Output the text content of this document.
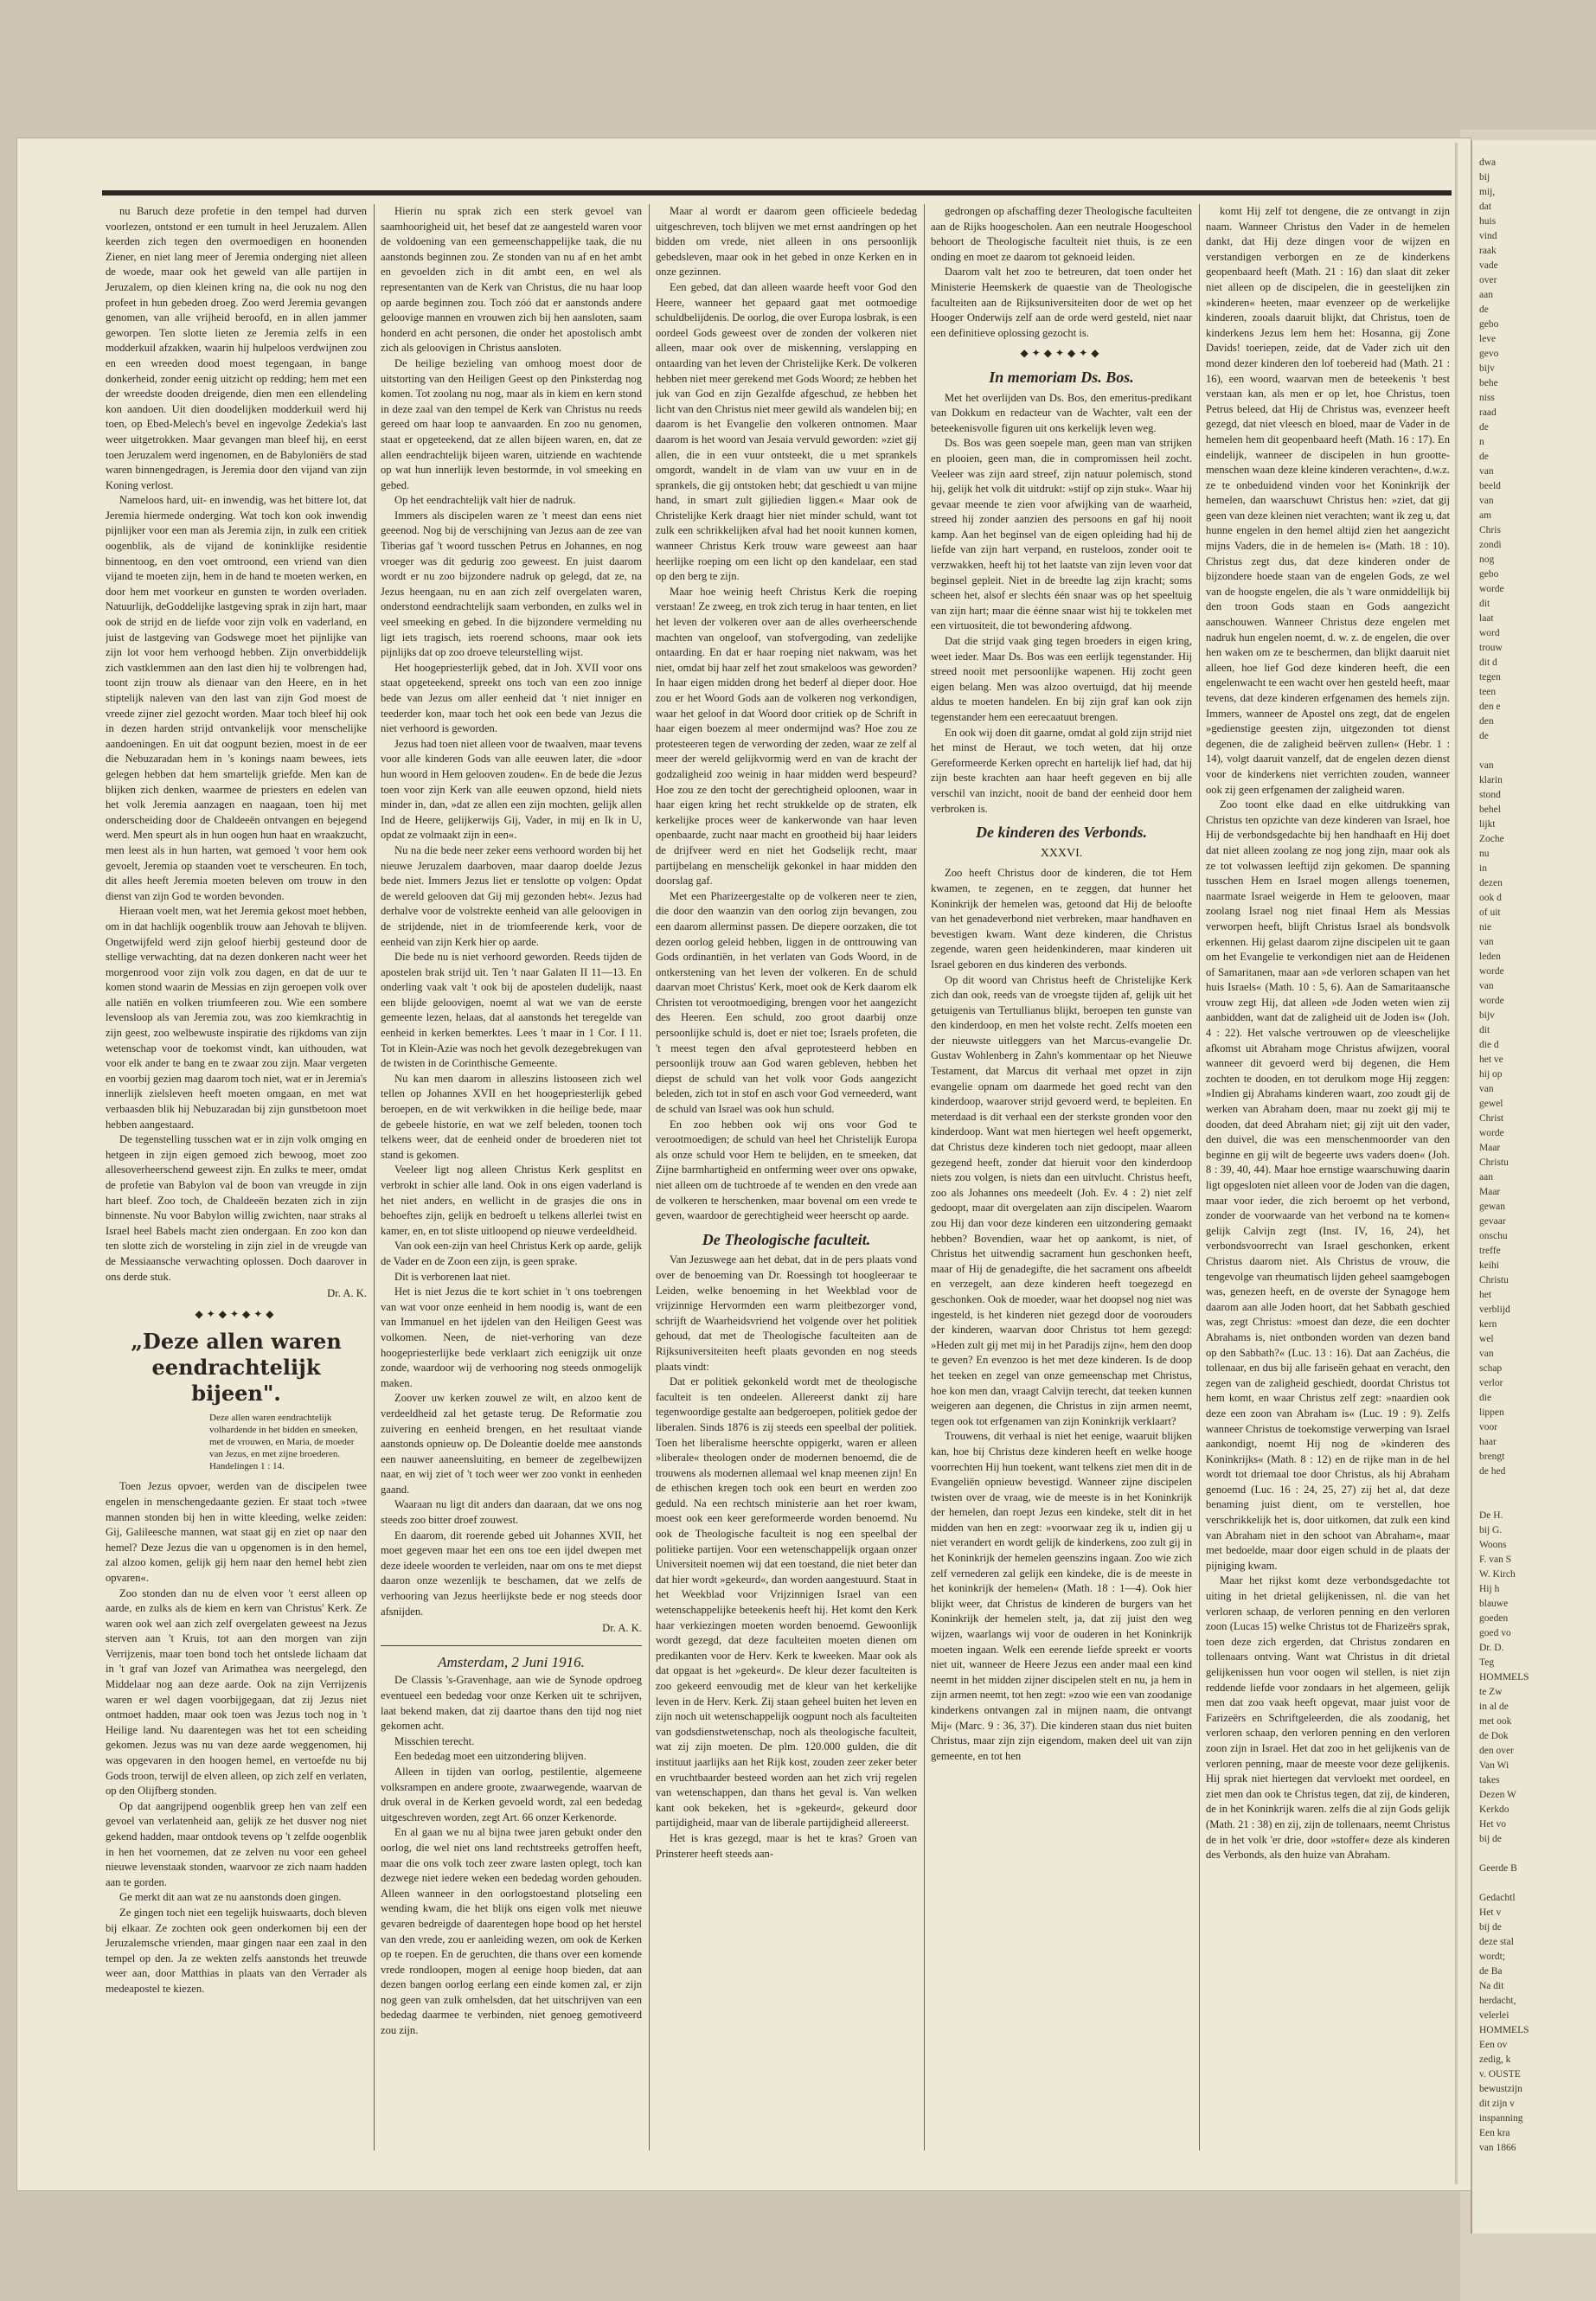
dwa
bij
mij,
dat
huis
vind
raak
vade
over
aan
de
gebo
leve
gevo
bijv
behe
niss
raad
de
n
de
van
beeld
van
am
Chris
zondi
nog
gebo
worde
dit
laat
word
trouw
dit d
tegen
teen
den e
den
de

van
klarin
stond
behel
lijkt
Zoche
nu
in
dezen
ook d
of uit
nie
van
leden
worde
van
worde
bijv
dit
die d
het ve
hij op
van
gewel
Christ
worde
Maar
Christu
aan
Maar
gewan
gevaar
onschu
treffe
keihi
Christu
het
verblijd
kern
wel
van
schap
verlor
die
lippen
voor
haar
brengt
de hed

De H.
bij G.
Woons
F. van S
W. Kirch
Hij h
blauwe
goeden
goed vo
Dr. D.
Teg
HOMMELS
te Zw
in al de
met ook
de Dok
den over
Van Wi
takes
Dezen W
Kerkdo
Het vo
bij de

Geerde B

Gedachtl
Het v
bij de
deze stal
wordt;
de Ba
Na dit
herdacht,
velerlei
HOMMELS
Een ov
zedig, k
v. OUSTE
bewustzijn
dit zijn v
inspanning
Een kra
van 1866

nu Baruch deze profetie in den tempel had durven voorlezen, ontstond er een tumult in heel Jeruzalem. Allen keerden zich tegen den overmoedigen en hoonenden Ziener, en niet lang meer of Jeremia onderging niet alleen de woede, maar ook het geweld van alle partijen in Jeruzalem, op dien kleinen kring na, die ook nu nog den profeet in hun gebeden droeg. Zoo werd Jeremia gevangen genomen, van alle vrijheid beroofd, en in allen jammer geworpen. Ten slotte lieten ze Jeremia zelfs in een modderkuil afzakken, waarin hij hulpeloos verdwijnen zou en een wreeden dood moest tegengaan, in bange donkerheid, zonder eenig uitzicht op redding; hem met een der wreedste dooden dreigende, dien men een ellendeling kon aandoen. Uit dien doodelijken modderkuil werd hij toen, op Ebed-Melech's bevel en ingevolge Zedekia's last weer uitgetrokken. Maar gevangen man bleef hij, en eerst toen Jeruzalem werd ingenomen, en de Babyloniërs de stad waren binnengedragen, is Jeremia door den vijand van zijn Koning verlost.

Nameloos hard, uit- en inwendig, was het bittere lot, dat Jeremia hiermede onderging. Wat toch kon ook inwendig pijnlijker voor een man als Jeremia zijn, in zulk een critiek oogenblik, als de vijand de koninklijke residentie binnentoog, en den voet omtroond, een vriend van dien vijand te moeten zijn, hem in de hand te moeten werken, en door hem met voorkeur en gunsten te worden overladen. Natuurlijk, deGoddelijke lastgeving sprak in zijn hart, maar ook de strijd en de liefde voor zijn volk en vaderland, en juist de lastgeving van Godswege moet het pijnlijke van zijn lot voor hem verhoogd hebben. Zijn onverbiddelijk zich vastklemmen aan den last dien hij te volbrengen had, toont zijn trouw als dienaar van den Heere, en in het stiptelijk naleven van den last van zijn God moest de vreede zijner ziel gezocht worden. Maar toch bleef hij ook in dezen harden strijd ontvankelijk voor menschelijke aandoeningen. En uit dat oogpunt bezien, moest in de eer die Nebuzaradan hem in 's konings naam bewees, iets gelegen hebben dat hem smartelijk griefde. Men kan de blijken zich denken, waarmee de priesters en edelen van het volk Jeremia aanzagen en naagaan, toen hij met onderscheiding door de Chaldeeën ontvangen en bejegend werd. Men speurt als in hun oogen hun haat en wraakzucht, men leest als in hun harten, wat gemoed 't voor hem ook gevoelt, Jeremia op staanden voet te verscheuren. En toch, dit alles heeft Jeremia moeten beleven om trouw in den dienst van zijn God te worden bevonden.

Hieraan voelt men, wat het Jeremia gekost moet hebben, om in dat hachlijk oogenblik trouw aan Jehovah te blijven. Ongetwijfeld werd zijn geloof hierbij gesteund door de stellige verwachting, dat na dezen donkeren nacht weer het morgenrood voor zijn volk zou dagen, en dat de uur te komen stond waarin de Messias en zijn geroepen volk over alle natiën en volken triumfeeren zou. Wie een sombere levensloop als van Jeremia zou, was zoo kiemkrachtig in zijn geest, zoo welbewuste inspiratie des rijkdoms van zijn wetenschap voor de toekomst vindt, kan uithouden, wat voor elk ander te bang en te zwaar zou zijn. Maar vergeten en voorbij gezien mag daarom toch niet, wat er in Jeremia's innerlijk zielsleven heeft moeten omgaan, en met wat verbaasden blik hij Nebuzaradan bij zijn gunstbetoon moet hebben aangestaard.

De tegenstelling tusschen wat er in zijn volk omging en hetgeen in zijn eigen gemoed zich bewoog, moet zoo allesoverheerschend geweest zijn. En zulks te meer, omdat de profetie van Babylon val de boon van vreugde in zijn hart bleef. Zoo toch, de Chaldeeën bezaten zich in zijn binnenste. Nu voor Babylon willig zwichten, naar straks al Israel heel Babels macht zien ondergaan. En zoo kon dan ten slotte zich de worsteling in zijn ziel in de vreugde van de Messiaansche verwachting oplossen. Doch daarover in ons derde stuk.

Dr. A. K.
◆✦◆✦◆✦◆
„Deze allen waren eendrachtelijk bijeen".
Deze allen waren eendrachtelijk volhardende in het bidden en smeeken, met de vrouwen, en Maria, de moeder van Jezus, en met zijne broederen. Handelingen 1 : 14.

Toen Jezus opvoer, werden van de discipelen twee engelen in menschengedaante gezien. Er staat toch »twee mannen stonden bij hen in witte kleeding, welke zeiden: Gij, Galileesche mannen, wat staat gij en ziet op naar den hemel? Deze Jezus die van u opgenomen is in den hemel, zal alzoo komen, gelijk gij hem naar den hemel hebt zien opvaren«.

Zoo stonden dan nu de elven voor 't eerst alleen op aarde, en zulks als de kiem en kern van Christus' Kerk. Ze waren ook wel aan zich zelf overgelaten geweest na Jezus sterven aan 't Kruis, tot aan den morgen van zijn Verrijzenis, maar toen bond toch het ontslede lichaam dat in 't graf van Jozef van Arimathea was neergelegd, den Middelaar nog aan deze aarde. Ook na zijn Verrijzenis waren er wel dagen voorbijgegaan, dat zij Jezus niet ontmoet hadden, maar ook toen was Jezus toch nog in 't Heilige land. Nu daarentegen was het tot een scheiding gekomen. Jezus was nu van deze aarde weggenomen, hij was opgevaren in den hoogen hemel, en vertoefde nu bij Gods troon, terwijl de elven alleen, op zich zelf en verlaten, op den Olijfberg stonden.

Op dat aangrijpend oogenblik greep hen van zelf een gevoel van verlatenheid aan, gelijk ze het dusver nog niet gekend hadden, maar ontdook tevens op 't zelfde oogenblik in hen het voornemen, dat ze zelven nu voor een geheel nieuwe levenstaak stonden, waarvoor ze zich naam hadden aan te gorden.

Ge merkt dit aan wat ze nu aanstonds doen gingen.

Ze gingen toch niet een tegelijk huiswaarts, doch bleven bij elkaar. Ze zochten ook geen onderkomen bij een der Jeruzalemsche vrienden, maar gingen naar een zaal in den tempel op den. Ja ze wekten zelfs aanstonds het treuwde weer aan, door Matthias in plaats van den Verrader als medeapostel te kiezen.

Hierin nu sprak zich een sterk gevoel van saamhoorigheid uit, het besef dat ze aangesteld waren voor de voldoening van een gemeenschappelijke taak, die nu aanstonds beginnen zou. Ze stonden van nu af en het ambt en gevoelden zich in dit ambt een, en wel als representanten van de Kerk van Christus, die nu haar loop op aarde beginnen zou. Toch zóó dat er aanstonds andere geloovige mannen en vrouwen zich bij hen aansloten, saam honderd en acht personen, die onder het apostolisch ambt zich als geloovigen in Christus aansloten.

De heilige bezieling van omhoog moest door de uitstorting van den Heiligen Geest op den Pinksterdag nog komen. Tot zoolang nu nog, maar als in kiem en kern stond in deze zaal van den tempel de Kerk van Christus nu reeds gereed om haar loop te aanvaarden. En zoo nu genomen, staat er opgeteekend, dat ze allen bijeen waren, en, dat ze allen eendrachtelijk bijeen waren, uitziende en wachtende op wat hun innerlijk leven bestormde, in vol smeeking en gebed.

Op het eendrachtelijk valt hier de nadruk.

Immers als discipelen waren ze 't meest dan eens niet geeenod. Nog bij de verschijning van Jezus aan de zee van Tiberias gaf 't woord tusschen Petrus en Johannes, en nog vroeger was dit gedurig zoo geweest. En juist daarom wordt er nu zoo bijzondere nadruk op gelegd, dat ze, na Jezus heengaan, nu en aan zich zelf overgelaten waren, onderstond eendrachtelijk saam verbonden, en zulks wel in veel smeeking en gebed. In die bijzondere vermelding nu ligt iets tragisch, iets roerend schoons, maar ook iets pijnlijks dat op zoo droeve teleurstelling wijst.

Het hoogepriesterlijk gebed, dat in Joh. XVII voor ons staat opgeteekend, spreekt ons toch van een zoo innige bede van Jezus om aller eenheid dat 't niet inniger en teederder kon, maar toch het ook een bede van Jezus die niet verhoord is geworden.

Jezus had toen niet alleen voor de twaalven, maar tevens voor alle kinderen Gods van alle eeuwen later, die »door hun woord in Hem gelooven zouden«. En de bede die Jezus toen voor zijn Kerk van alle eeuwen opzond, hield niets minder in, dan, »dat ze allen een zijn mochten, gelijk allen Ind de Heere, gelijkerwijs Gij, Vader, in mij en Ik in U, opdat ze volmaakt zijn in een«.

Nu na die bede neer zeker eens verhoord worden bij het nieuwe Jeruzalem daarboven, maar daarop doelde Jezus bede niet. Immers Jezus liet er tenslotte op volgen: Opdat de wereld gelooven dat Gij mij gezonden hebt«. Jezus had derhalve voor de volstrekte eenheid van alle geloovigen in de strijdende, niet in de triomfeerende kerk, voor de eenheid van zijn Kerk hier op aarde.

Die bede nu is niet verhoord geworden. Reeds tijden de apostelen brak strijd uit. Ten 't naar Galaten II 11—13. En onderling vaak valt 't ook bij de apostelen dudelijk, naast een blijde geloovigen, noemt al wat we van de eerste gemeente lezen, helaas, dat al aanstonds het teregelde van eenheid in kerken bemerktes. Lees 't maar in 1 Cor. I 11. Tot in Klein-Azie was noch het gevolk dezegebrekugen van de twisten in de Corinthische Gemeente.

Nu kan men daarom in alleszins listooseen zich wel tellen op Johannes XVII en het hoogepriesterlijk gebed beroepen, en de wit verkwikken in die heilige bede, maar de gebeele historie, en wat we zelf beleden, toonen toch telkens weer, dat de eenheid onder de broederen niet tot stand is gekomen.

Veeleer ligt nog alleen Christus Kerk gesplitst en verbrokt in schier alle land. Ook in ons eigen vaderland is het niet anders, en wellicht in de grasjes die ons in behoeftes zijn, gelijk en bedroeft u telkens allerlei twist en kamer, en, en tot sliste uitloopend op nieuwe verdeeldheid.

Van ook een-zijn van heel Christus Kerk op aarde, gelijk de Vader en de Zoon een zijn, is geen sprake.

Dit is verborenen laat niet.

Het is niet Jezus die te kort schiet in 't ons toebrengen van wat voor onze eenheid in hem noodig is, want de een van Immanuel en het ijdelen van den Heiligen Geest was volkomen. Neen, de niet-verhoring van deze hoogepriesterlijke bede verklaart zich eenigzijk uit onze zonde, waardoor wij de verhooring nog steeds onmogelijk maken.

Zoover uw kerken zouwel ze wilt, en alzoo kent de verdeeldheid zal het getaste terug. De Reformatie zou zuivering en eenheid brengen, en het resultaat viande aanstonds opnieuw op. De Doleantie doelde mee aanstonds een nauwer aaneensluiting, en bemeer de zegelbewijzen naar, en wij ziet of 't toch weer wer zoo vonkt in eenheden gaand.

Waaraan nu ligt dit anders dan daaraan, dat we ons nog steeds zoo bitter droef zouwest.

En daarom, dit roerende gebed uit Johannes XVII, het moet gegeven maar het een ons toe een ijdel dwepen met deze ideele woorden te verleiden, naar om ons te met diepst daaron onze wezenlijk te beschamen, dat we zelfs de verhooring van Jezus heerlijkste bede er nog steeds door afsnijden.

Dr. A. K.
Amsterdam, 2 Juni 1916.

De Classis 's-Gravenhage, aan wie de Synode opdroeg eventueel een bededag voor onze Kerken uit te schrijven, laat bekend maken, dat zij daartoe thans den tijd nog niet gekomen acht.

Misschien terecht.

Een bededag moet een uitzondering blijven.

Alleen in tijden van oorlog, pestilentie, algemeene volksrampen en andere groote, zwaarwegende, waarvan de druk overal in de Kerken gevoeld wordt, zal een bededag uitgeschreven worden, zegt Art. 66 onzer Kerkenorde.

En al gaan we nu al bijna twee jaren gebukt onder den oorlog, die wel niet ons land rechtstreeks getroffen heeft, maar die ons volk toch zeer zware lasten oplegt, toch kan dezwege niet iedere weken een bededag worden gehouden. Alleen wanneer in den oorlogstoestand plotseling een wending kwam, die het blijk ons eigen volk met nieuwe gevaren bedreigde of daarentegen hope bood op het herstel van den vrede, zou er aanleiding wezen, om ook de Kerken op te roepen. En de geruchten, die thans over een komende vrede rondloopen, mogen al eenige hoop bieden, dat aan dezen bangen oorlog eerlang een einde komen zal, er zijn nog geen van zulk omhelsden, dat het uitschrijven van een bededag daarmee te verbinden, niet genoeg gemotiveerd zou zijn.

Maar al wordt er daarom geen officieele bededag uitgeschreven, toch blijven we met ernst aandringen op het bidden om vrede, niet alleen in ons persoonlijk gebedsleven, maar ook in het gebed in onze Kerken en in onze gezinnen.

Een gebed, dat dan alleen waarde heeft voor God den Heere, wanneer het gepaard gaat met ootmoedige schuldbelijdenis. De oorlog, die over Europa losbrak, is een oordeel Gods geweest over de zonden der volkeren niet alleen, maar ook over de miskenning, verslapping en ontaarding van het leven der Christelijke Kerk. De volkeren hebben niet meer gerekend met Gods Woord; ze hebben het juk van God en zijn Gezalfde afgeschud, ze hebben het licht van den Christus niet meer gewild als wandelen bij; en daarom is het Evangelie den volkeren ontnomen. Maar daarom is het woord van Jesaia vervuld geworden: »ziet gij allen, die in een vuur ontsteekt, die u met sprankels omgordt, wandelt in de vlam van uw vuur en in de sprankels, die gij ontstoken hebt; dat geschiedt u van mijne hand, in smart zult gijliedien liggen.« Maar ook de Christelijke Kerk draagt hier niet minder schuld, want tot zulk een schrikkelijken afval had het nooit kunnen komen, wanneer Christus Kerk trouw ware geweest aan haar heerlijke roeping om een licht op den kandelaar, een stad op den berg te zijn.

Maar hoe weinig heeft Christus Kerk die roeping verstaan! Ze zweeg, en trok zich terug in haar tenten, en liet het leven der volkeren over aan de alles overheerschende machten van ongeloof, van stofvergoding, van zedelijke ontaarding. En dat er haar roeping niet nakwam, was het niet, omdat bij haar zelf het zout smakeloos was geworden? In haar eigen midden drong het bederf al dieper door. Hoe zou er het Woord Gods aan de volkeren nog verkondigen, waar het geloof in dat Woord door critiek op de Schrift in haar eigen boezem al meer ondermijnd was? Hoe zou ze protesteeren tegen de verwording der zeden, waar ze zelf al meer der wereld gelijkvormig werd en van de kracht der godzaligheid zoo weinig in haar midden werd bespeurd? Hoe zou ze den tocht der gerechtigheid oploonen, waar in haar eigen kring het recht strukkelde op de straten, elk kerkelijke proces weer de kankerwonde van haar leven openbaarde, zucht naar macht en grootheid bij haar leiders de drijfveer werd en niet het Godselijk recht, maar partijbelang en menschelijk gekonkel in haar midden den doorslag gaf.

Met een Pharizeergestalte op de volkeren neer te zien, die door den waanzin van den oorlog zijn bevangen, zou een daarom allerminst passen. De diepere oorzaken, die tot dezen oorlog geleid hebben, liggen in de onttrouwing van Gods ordinantiën, in het verlaten van Gods Woord, in de ontkerstening van het leven der volkeren. En de schuld daarvan moet Christus' Kerk, moet ook de Kerk daarom elk Christen tot verootmoediging, brengen voor het aangezicht des Heeren. Een schuld, zoo groot daarbij onze persoonlijke schuld is, doet er niet toe; Israels profeten, die 't meest tegen den afval geprotesteerd hebben en persoonlijk trouw aan God waren gebleven, hebben het diepst de schuld van het volk voor Gods aangezicht beleden, zich tot in stof en asch voor God verneederd, want de schuld van Israel was ook hun schuld.

En zoo hebben ook wij ons voor God te verootmoedigen; de schuld van heel het Christelijk Europa als onze schuld voor Hem te belijden, en te smeeken, dat Zijne barmhartigheid en ontferming weer over ons opwake, niet alleen om de tuchtroede af te wenden en den vrede aan de volkeren te herschenken, maar bovenal om een vrede te geven, waardoor de gerechtigheid weer heerscht op aarde.

De Theologische faculteit.

Van Jezuswege aan het debat, dat in de pers plaats vond over de benoeming van Dr. Roessingh tot hoogleeraar te Leiden, welke benoeming in het Weekblad voor de vrijzinnige Hervormden een warm pleitbezorger vond, schrijft de Waarheidsvriend het volgende over het politiek gehoud, dat met de Theologische faculteiten aan de Rijksuniversiteiten heeft plaats gevonden en nog steeds plaats vindt:

Dat er politiek gekonkeld wordt met de theologische faculteit is ten ondeelen. Allereerst dankt zij hare tegenwoordige gestalte aan bedgeroepen, politiek gedoe der liberalen. Sinds 1876 is zij steeds een speelbal der politiek. Toen het liberalisme heerschte oppigerkt, waren er alleen »liberale« theologen onder de modernen benoemd, die de trouwens als modernen allemaal wel knap meenen zijn! En de ethischen kregen toch ook een beurt en werden zoo geduld. Na een rechtsch ministerie aan het roer kwam, moest ook een keer gereformeerde worden benoemd. Nu ook de Theologische faculteit is nog een speelbal der politieke partijen. Voor een wetenschappelijk orgaan onzer Universiteit noemen wij dat een toestand, die niet beter dan dat hier wordt »gekeurd«, dan worden aangestuurd. Staat in het Weekblad voor Vrijzinnigen Israel van een wetenschappelijke beteekenis heeft hij. Het komt den Kerk haar verkiezingen moeten worden benoemd. Gewoonlijk wordt gezegd, dat deze faculteiten moeten dienen om predikanten voor de Herv. Kerk te kweeken. Maar ook als dat opgaat is het »gekeurd«. De kleur dezer faculteiten is zoo gekeerd eenvoudig met de kleur van het kerkelijke leven in de Herv. Kerk. Zij staan geheel buiten het leven en zijn noch uit wetenschappelijk oogpunt noch als faculteiten van godsdienstwetenschap, noch als theologische faculteit, wat zij zijn moeten. De plm. 120.000 gulden, die dit instituut jaarlijks aan het Rijk kost, zouden zeer zeker beter en vruchtbaarder besteed worden aan het zich vrij regelen van wetenschappen, dan thans het geval is. Van welken kant ook bekeken, het is »gekeurd«, gekeurd door partijdigheid, maar van de liberale partijdigheid allereerst.

Het is kras gezegd, maar is het te kras? Groen van Prinsterer heeft steeds aan-

gedrongen op afschaffing dezer Theologische faculteiten aan de Rijks hoogescholen. Aan een neutrale Hoogeschool behoort de Theologische faculteit niet thuis, is ze een onding en moet ze daarom tot geknoeid leiden.

Daarom valt het zoo te betreuren, dat toen onder het Ministerie Heemskerk de quaestie van de Theologische faculteiten aan de Rijksuniversiteiten door de wet op het Hooger Onderwijs zelf aan de orde werd gesteld, niet naar een definitieve oplossing gezocht is.

◆✦◆✦◆✦◆
In memoriam Ds. Bos.

Met het overlijden van Ds. Bos, den emeritus-predikant van Dokkum en redacteur van de Wachter, valt een der beteekenisvolle figuren uit ons kerkelijk leven weg.

Ds. Bos was geen soepele man, geen man van strijken en plooien, geen man, die in compromissen heil zocht. Veeleer was zijn aard streef, zijn natuur polemisch, stond hij, gelijk het volk dit uitdrukt: »stijf op zijn stuk«. Waar hij gevaar meende te zien voor afwijking van de waarheid, streed hij zonder aanzien des persoons en gaf hij nooit kamp. Aan het beginsel van de eigen opleiding had hij de liefde van zijn hart verpand, en rusteloos, zonder ooit te verzwakken, heeft hij tot het laatste van zijn leven voor dat beginsel gepleit. Niet in de breedte lag zijn kracht; soms scheen het, alsof er slechts één snaar was op het speeltuig van zijn hart; maar die éénne snaar wist hij te tokkelen met een virtuositeit, die tot bewondering afdwong.

Dat die strijd vaak ging tegen broeders in eigen kring, weet ieder. Maar Ds. Bos was een eerlijk tegenstander. Hij streed nooit met persoonlijke wapenen. Hij zocht geen eigen belang. Men was alzoo overtuigd, dat hij meende aldus te moeten handelen. En bij zijn graf kan ook zijn tegenstander hem een eerecaatuut brengen.

En ook wij doen dit gaarne, omdat al gold zijn strijd niet het minst de Heraut, we toch weten, dat hij onze Gereformeerde Kerken oprecht en hartelijk lief had, dat hij zijn beste krachten aan haar heeft gegeven en bij alle verschil van inzicht, nooit de band der eenheid door hem verbroken is.

De kinderen des Verbonds.
XXXVI.

Zoo heeft Christus door de kinderen, die tot Hem kwamen, te zegenen, en te zeggen, dat hunner het Koninkrijk der hemelen was, getoond dat Hij de beloofte van het genadeverbond niet verbreken, maar handhaven en bevestigen kwam. Want deze kinderen, die Christus zegende, waren geen heidenkinderen, maar kinderen uit Israel geboren en dus kinderen des verbonds.

Op dit woord van Christus heeft de Christelijke Kerk zich dan ook, reeds van de vroegste tijden af, gelijk uit het getuigenis van Tertullianus blijkt, beroepen ten gunste van den kinderdoop, en men het volste recht. Zelfs moeten een der nieuwste uitleggers van het Marcus-evangelie Dr. Gustav Wohlenberg in Zahn's kommentaar op het Nieuwe Testament, dat Marcus dit verhaal met opzet in zijn evangelie opnam om daarmede het goed recht van den kinderdoop, waarover strijd gevoerd werd, te bepleiten. En meterdaad is dit verhaal een der sterkste gronden voor den kinderdoop. Want wat men hiertegen wel heeft opgemerkt, dat Christus deze kinderen toch niet gedoopt, maar alleen gezegend heeft, zonder dat hieruit voor den kinderdoop niets zou volgen, is niets dan een uitvlucht. Christus heeft, zoo als Johannes ons meedeelt (Joh. Ev. 4 : 2) niet zelf gedoopt, maar dit overgelaten aan zijn discipelen. Waarom zou Hij dan voor deze kinderen een uitzondering gemaakt hebben? Bovendien, waar het op aankomt, is niet, of Christus het uitwendig sacrament hun geschonken heeft, maar of Hij de genadegifte, die het sacrament ons afbeeldt en verzegelt, aan deze kinderen heeft toegezegd en geschonken. Ook de moeder, waar het doopsel nog niet was ingesteld, is het kinderen niet gezegd door de voorouders der kinderen, waarvan door Christus tot hem gezegd: »Heden zult gij met mij in het Paradijs zijn«, hem den doop te geven? En evenzoo is het met deze kinderen. Is de doop het teeken en zegel van onze gemeenschap met Christus, hoe kon men dan, vraagt Calvijn terecht, dat teeken kunnen weigeren aan degenen, die Christus in zijn armen neemt, tegen ook tot erfgenamen van zijn Koninkrijk verklaart?

Trouwens, dit verhaal is niet het eenige, waaruit blijken kan, hoe bij Christus deze kinderen heeft en welke hooge voorrechten Hij hun toekent, want telkens ziet men dit in de Evangeliën opnieuw bevestigd. Wanneer zijne discipelen twisten over de vraag, wie de meeste is in het Koninkrijk der hemelen, dan roept Jezus een kindeke, stelt dit in het midden van hen en zegt: »voorwaar zeg ik u, indien gij u niet verandert en wordt gelijk de kinderkens, zoo zult gij in het Koninkrijk der hemelen geenszins ingaan. Zoo wie zich zelf vernederen zal gelijk een kindeke, die is de meeste in het koninkrijk der hemelen« (Math. 18 : 1—4). Ook hier blijkt weer, dat Christus de kinderen de burgers van het Koninkrijk der hemelen stelt, ja, dat zij juist den weg wijzen, waarlangs wij voor de ouderen in het Koninkrijk moeten ingaan. Welk een eerende liefde spreekt er voorts niet uit, wanneer de Heere Jezus een ander maal een kind neemt in het midden zijner discipelen stelt en nu, ja hem in zijn armen neemt, tot hen zegt: »zoo wie een van zoodanige kinderkens ontvangen zal in mijnen naam, die ontvangt Mij« (Marc. 9 : 36, 37). Die kinderen staan dus niet buiten Christus, maar zijn zijn eigendom, maken deel uit van zijn gemeente, en tot hen

komt Hij zelf tot dengene, die ze ontvangt in zijn naam. Wanneer Christus den Vader in de hemelen dankt, dat Hij deze dingen voor de wijzen en verstandigen verborgen en ze de kinderkens geopenbaard heeft (Math. 21 : 16) dan slaat dit zeker niet alleen op de discipelen, die in geestelijken zin »kinderen« heeten, maar evenzeer op de werkelijke kinderen, zooals daaruit blijkt, dat Christus, toen de kinderkens Jezus lem hem het: Hosanna, gij Zone Davids! toeriepen, zeide, dat de Vader zich uit den mond dezer kinderen den lof toebereid had (Math. 21 : 16), een woord, waarvan men de beteekenis 't best verstaan kan, als men er op let, hoe Christus, toen Petrus beleed, dat Hij de Christus was, evenzeer heeft gezegd, dat niet vleesch en bloed, maar de Vader in de hemelen hem dit geopenbaard heeft (Math. 16 : 17). En eindelijk, wanneer de discipelen in hun grootte-menschen waan deze kleine kinderen verachten«, d.w.z. ze te onbeduidend vinden voor het Koninkrijk der hemelen, dan waarschuwt Christus hen: »ziet, dat gij geen van deze kleinen niet verachten; want ik zeg u, dat hunne engelen in den hemel altijd zien het aangezicht mijns Vaders, die in de hemelen is« (Math. 18 : 10). Christus zegt dus, dat deze kinderen onder de bijzondere hoede staan van de engelen Gods, ze wel van de hoogste engelen, die als 't ware onmiddellijk bij den troon Gods staan en Gods aangezicht aanschouwen. Wanneer Christus deze engelen met nadruk hun engelen noemt, d. w. z. de engelen, die over hen waken om ze te beschermen, dan blijkt daaruit niet alleen, hoe lief God deze kinderen heeft, die een engelenwacht te een wacht over hen gesteld heeft, maar tevens, dat deze kinderen erfgenamen des hemels zijn. Immers, wanneer de Apostel ons zegt, dat de engelen »gedienstige geesten zijn, uitgezonden tot dienst degenen, die de zaligheid beërven zullen« (Hebr. 1 : 14), volgt daaruit vanzelf, dat de engelen dezen dienst voor de kinderkens niet verrichten zouden, wanneer ook zij geen erfgenamen der zaligheid waren.

Zoo toont elke daad en elke uitdrukking van Christus ten opzichte van deze kinderen van Israel, hoe Hij de verbondsgedachte bij hen handhaaft en Hij doet dat niet alleen zoolang ze nog jong zijn, maar ook als ze tot volwassen leeftijd zijn gekomen. De spanning tusschen Hem en Israel mogen allengs toenemen, naarmate Israel weigerde in Hem te gelooven, maar zoolang Israel nog niet finaal Hem als Messias verworpen heeft, blijft Christus Israel als bondsvolk erkennen. Hij gelast daarom zijne discipelen uit te gaan om het Evangelie te verkondigen niet aan de Heidenen of Samaritanen, maar aan »de verloren schapen van het huis Israels« (Math. 10 : 5, 6). Aan de Samaritaansche vrouw zegt Hij, dat alleen »de Joden weten wien zij aanbidden, want dat de zaligheid uit de Joden is« (Joh. 4 : 22). Het valsche vertrouwen op de vleeschelijke afkomst uit Abraham moge Christus afwijzen, vooral wanneer dit gevoerd werd bij degenen, die Hem zochten te dooden, en tot derulkom moge Hij zeggen: »Indien gij Abrahams kinderen waart, zoo zoudt gij de werken van Abraham doen, maar nu zoekt gij mij te dooden, dat deed Abraham niet; gij zijt uit den vader, den duivel, die was een menschenmoorder van den beginne en gij wilt de begeerte uws vaders doen« (Joh. 8 : 39, 40, 44). Maar hoe ernstige waarschuwing daarin ligt opgesloten niet alleen voor de Joden van die dagen, maar voor ieder, die zich beroemt op het verbond, zonder de voorwaarde van het verbond na te komen« gelijk Calvijn zegt (Inst. IV, 16, 24), het verbondsvoorrecht van Israel geschonken, erkent Christus daarom niet. Als Christus de vrouw, die tengevolge van rheumatisch lijden geheel saamgebogen was, genezen heeft, en de overste der Synagoge hem daarom aan alle Joden hoort, dat het Sabbath geschied was, zegt Christus: »moest dan deze, die een dochter Abrahams is, niet ontbonden worden van dezen band op den Sabbath?« (Luc. 13 : 16). Dat aan Zachéus, die tollenaar, en dus bij alle fariseën gehaat en veracht, den zegen van de zaligheid geschiedt, doordat Christus tot hem komt, en waar Christus zelf zegt: »naardien ook deze een zoon van Abraham is« (Luc. 19 : 9). Zelfs wanneer Christus de toekomstige verwerping van Israel aankondigt, noemt Hij nog de »kinderen des Koninkrijks« (Math. 8 : 12) en de rijke man in de hel wordt tot driemaal toe door Christus, als hij Abraham genoemd (Luc. 16 : 24, 25, 27) zij het al, dat deze benaming juist dient, om te verstellen, hoe verschrikkelijk het is, door uitkomen, dat zulk een kind van Abraham niet in den schoot van Abraham«, maar met bedoelde, maar door eigen schuld in de plaats der pijniging kwam.

Maar het rijkst komt deze verbondsgedachte tot uiting in het drietal gelijkenissen, nl. die van het verloren schaap, de verloren penning en den verloren zoon (Lucas 15) welke Christus tot de Fharizeërs sprak, toen deze zich ergerden, dat Christus zondaren en tollenaars ontving. Want wat Christus in dit drietal gelijkenissen hun voor oogen wil stellen, is niet zijn reddende liefde voor zondaars in het algemeen, gelijk men dat zoo vaak heeft opgevat, maar juist voor de Farizeërs en Schriftgeleerden, die als zoodanig, het verloren schaap, den verloren penning en den verloren zoon zijn in Israel. Het dat zoo in het gelijkenis van de verloren penning, maar de meeste voor deze gelijkenis. Hij sprak niet hiertegen dat vervloekt met oordeel, en ziet men dan ook te Christus tegen, dat zij, de kinderen, de in het Koninkrijk waren. zelfs die al zijn Gods gelijk (Math. 21 : 38) en zij, zijn de tollenaars, neemt Christus de in het volk 'er drie, door »stoffer« deze als kinderen des Verbonds, als den huize van Abraham.
